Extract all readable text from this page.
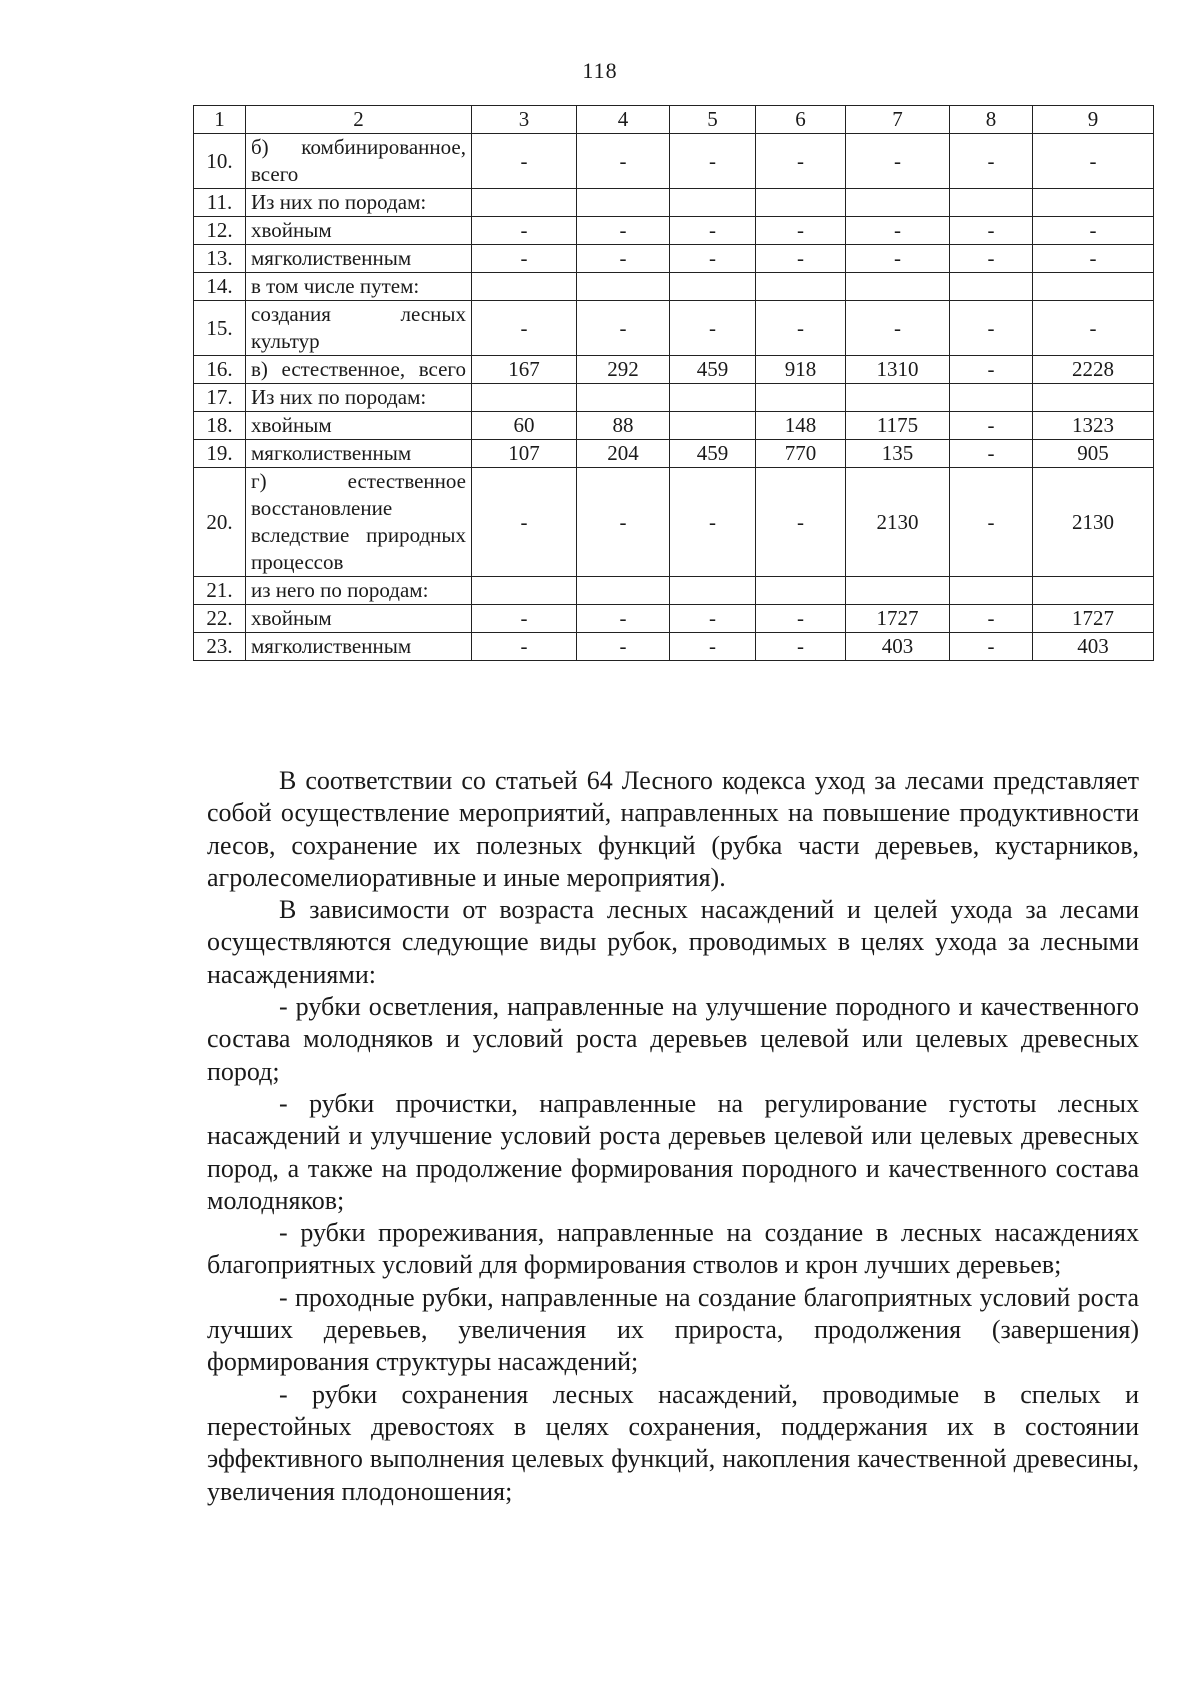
118
1	2	3	4	5	6	7	8	9
10.	б) комбинированное, всего	-	-	-	-	-	-	-
11.	Из них по породам:							
12.	хвойным	-	-	-	-	-	-	-
13.	мягколиственным	-	-	-	-	-	-	-
14.	в том числе путем:							
15.	создания лесных культур	-	-	-	-	-	-	-
16.	в) естественное, всего	167	292	459	918	1310	-	2228
17.	Из них по породам:							
18.	хвойным	60	88		148	1175	-	1323
19.	мягколиственным	107	204	459	770	135	-	905
20.	г) естественное восстановление вследствие природных процессов	-	-	-	-	2130	-	2130
21.	из него по породам:							
22.	хвойным	-	-	-	-	1727	-	1727
23.	мягколиственным	-	-	-	-	403	-	403

В соответствии со статьей 64 Лесного кодекса уход за лесами представляет собой осуществление мероприятий, направленных на повышение продуктивности лесов, сохранение их полезных функций (рубка части деревьев, кустарников, агролесомелиоративные и иные мероприятия).

В зависимости от возраста лесных насаждений и целей ухода за лесами осуществляются следующие виды рубок, проводимых в целях ухода за лесными насаждениями:

- рубки осветления, направленные на улучшение породного и качественного состава молодняков и условий роста деревьев целевой или целевых древесных пород;

- рубки прочистки, направленные на регулирование густоты лесных насаждений и улучшение условий роста деревьев целевой или целевых древесных пород, а также на продолжение формирования породного и качественного состава молодняков;

- рубки прореживания, направленные на создание в лесных насаждениях благоприятных условий для формирования стволов и крон лучших деревьев;

- проходные рубки, направленные на создание благоприятных условий роста лучших деревьев, увеличения их прироста, продолжения (завершения) формирования структуры насаждений;

- рубки сохранения лесных насаждений, проводимые в спелых и перестойных древостоях в целях сохранения, поддержания их в состоянии эффективного выполнения целевых функций, накопления качественной древесины, увеличения плодоношения;
